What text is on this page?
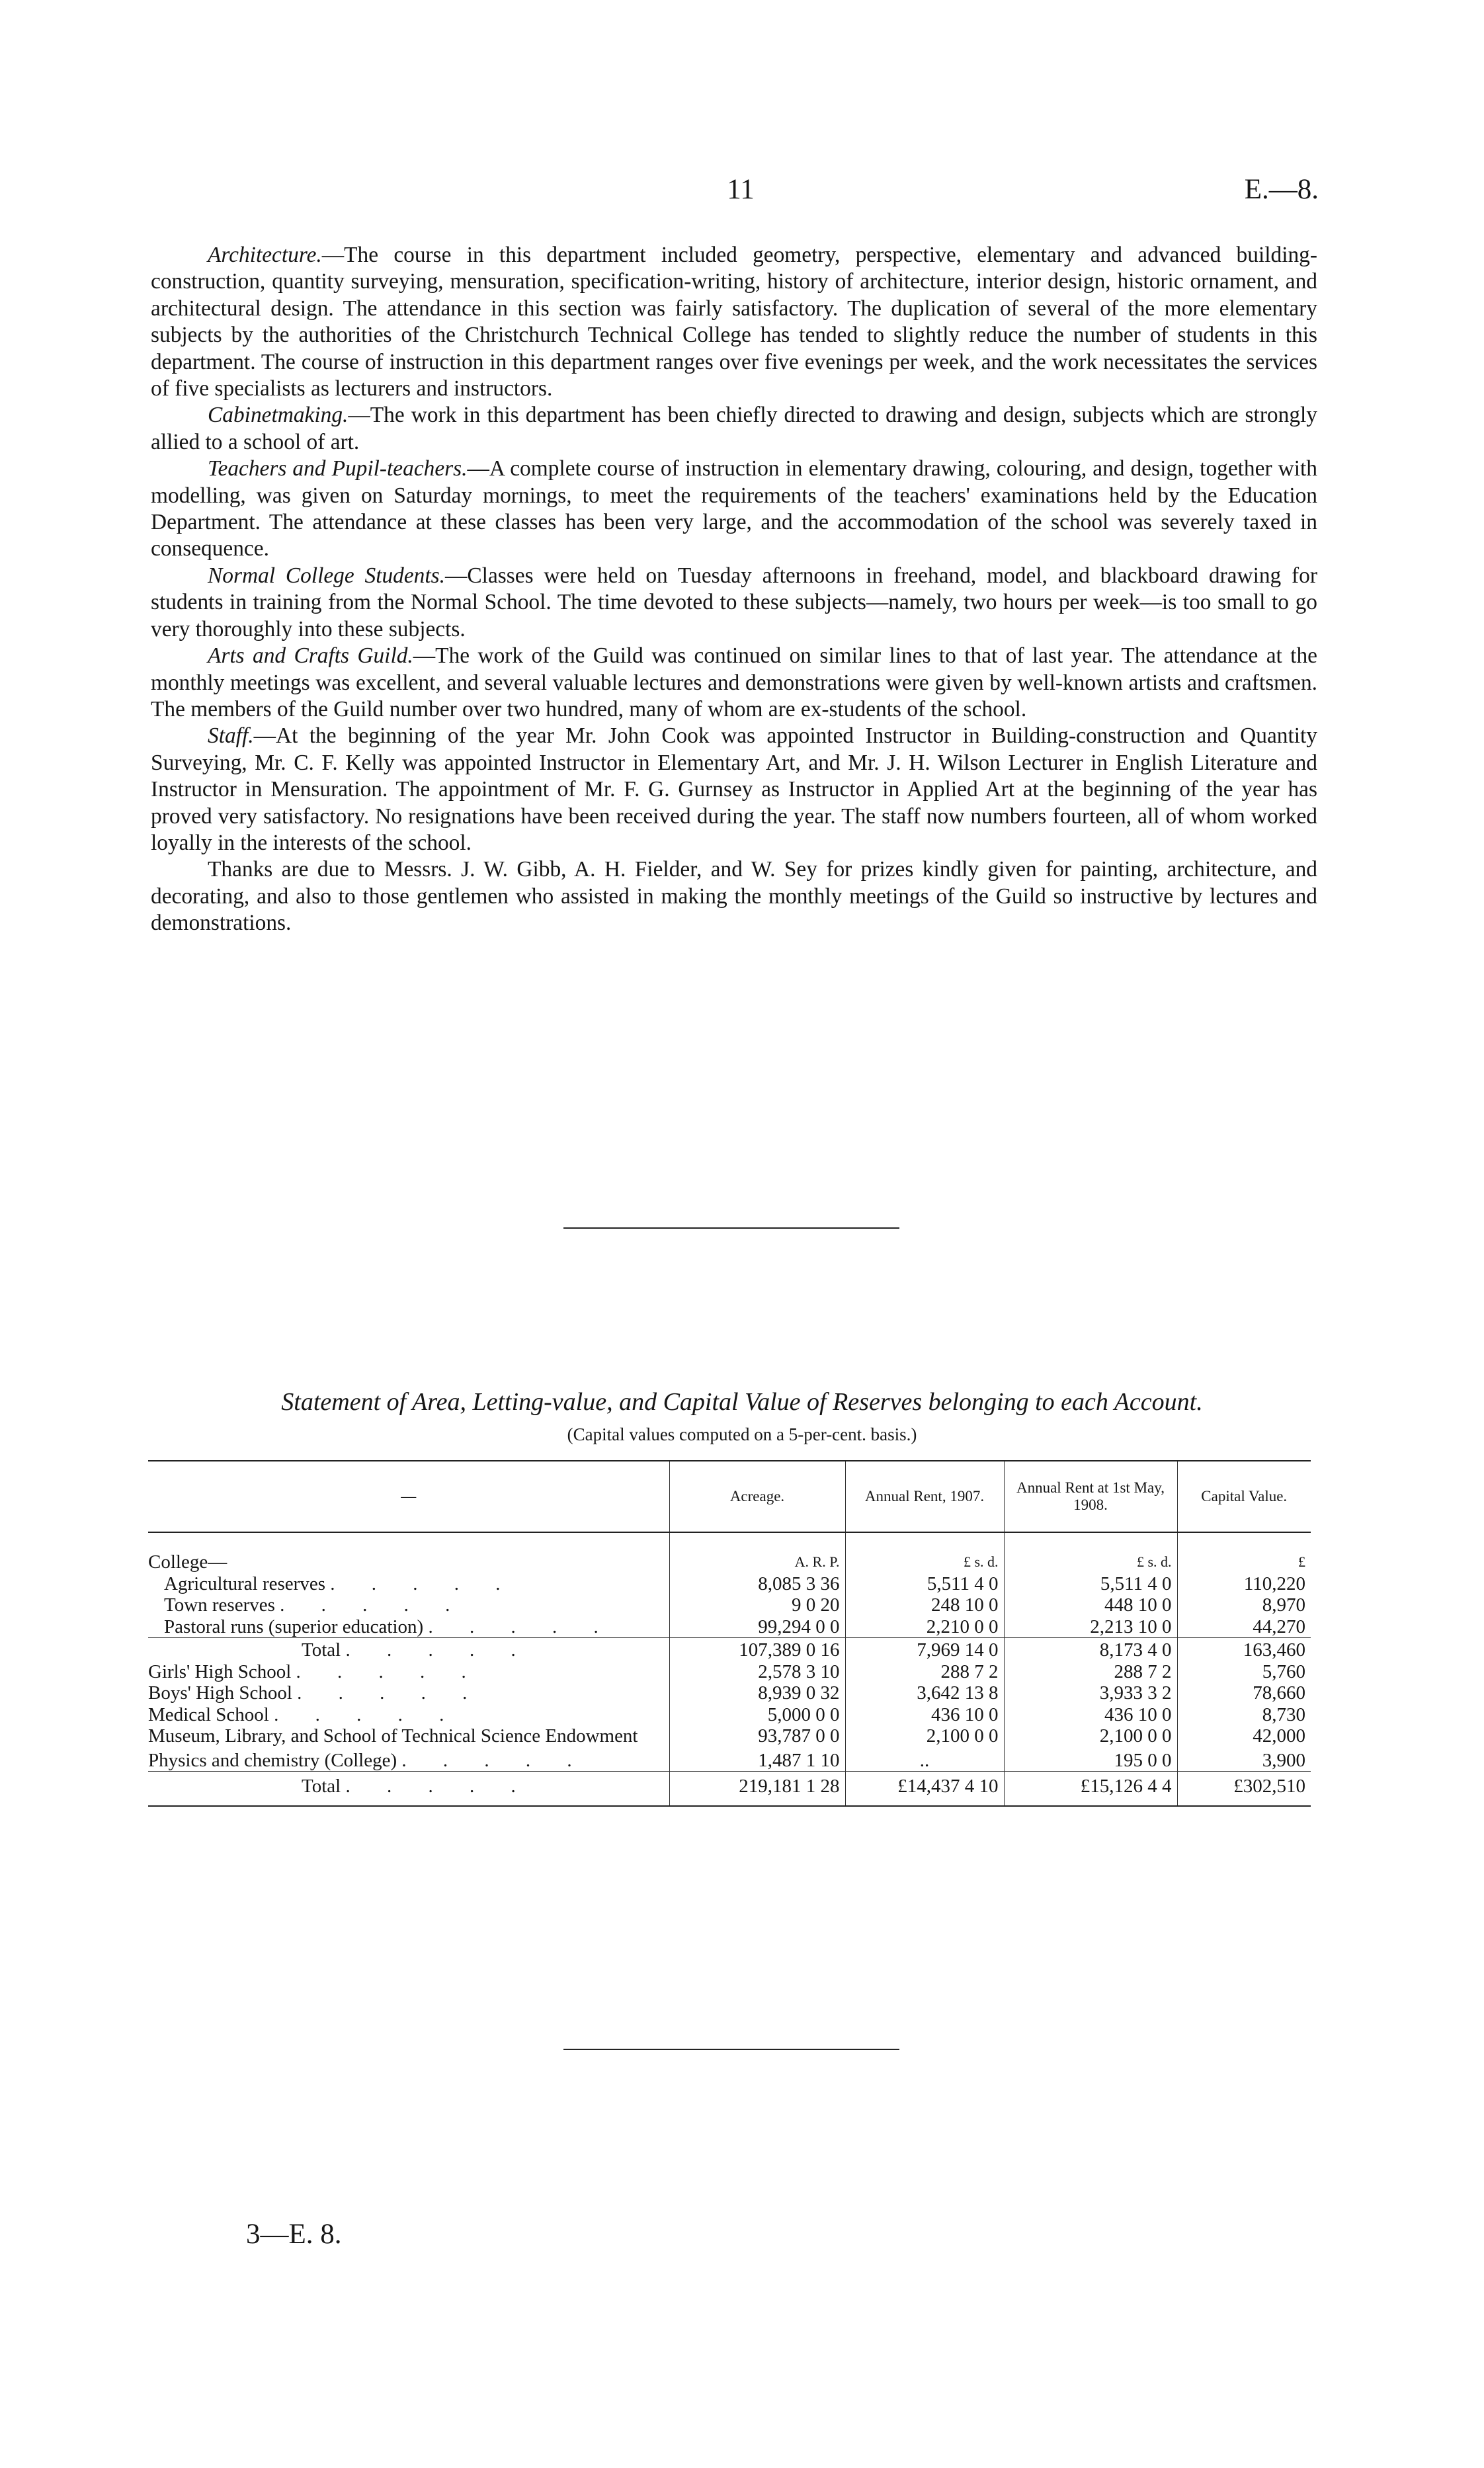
11	E.—8.

Architecture.—The course in this department included geometry, perspective, elementary and advanced building-construction, quantity surveying, mensuration, specification-writing, history of architecture, interior design, historic ornament, and architectural design. The attendance in this section was fairly satisfactory. The duplication of several of the more elementary subjects by the authorities of the Christchurch Technical College has tended to slightly reduce the number of students in this department. The course of instruction in this department ranges over five evenings per week, and the work necessitates the services of five specialists as lecturers and instructors.

Cabinetmaking.—The work in this department has been chiefly directed to drawing and design, subjects which are strongly allied to a school of art.

Teachers and Pupil-teachers.—A complete course of instruction in elementary drawing, colouring, and design, together with modelling, was given on Saturday mornings, to meet the requirements of the teachers' examinations held by the Education Department. The attendance at these classes has been very large, and the accommodation of the school was severely taxed in consequence.

Normal College Students.—Classes were held on Tuesday afternoons in freehand, model, and blackboard drawing for students in training from the Normal School. The time devoted to these subjects—namely, two hours per week—is too small to go very thoroughly into these subjects.

Arts and Crafts Guild.—The work of the Guild was continued on similar lines to that of last year. The attendance at the monthly meetings was excellent, and several valuable lectures and demonstrations were given by well-known artists and craftsmen. The members of the Guild number over two hundred, many of whom are ex-students of the school.

Staff.—At the beginning of the year Mr. John Cook was appointed Instructor in Building-construction and Quantity Surveying, Mr. C. F. Kelly was appointed Instructor in Elementary Art, and Mr. J. H. Wilson Lecturer in English Literature and Instructor in Mensuration. The appointment of Mr. F. G. Gurnsey as Instructor in Applied Art at the beginning of the year has proved very satisfactory. No resignations have been received during the year. The staff now numbers fourteen, all of whom worked loyally in the interests of the school.

Thanks are due to Messrs. J. W. Gibb, A. H. Fielder, and W. Sey for prizes kindly given for painting, architecture, and decorating, and also to those gentlemen who assisted in making the monthly meetings of the Guild so instructive by lectures and demonstrations.

Statement of Area, Letting-value, and Capital Value of Reserves belonging to each Account.
(Capital values computed on a 5-per-cent. basis.)
—	Acreage.	Annual Rent, 1907.	Annual Rent at 1st May, 1908.	Capital Value.

College—	A. R. P.	£ s. d.	£ s. d.	£
Agricultural reserves . . . . .	8,085 3 36	5,511 4 0	5,511 4 0	110,220
Town reserves . . . . .	9 0 20	248 10 0	448 10 0	8,970
Pastoral runs (superior education) . . . . .	99,294 0 0	2,210 0 0	2,213 10 0	44,270
Total . . . . .	107,389 0 16	7,969 14 0	8,173 4 0	163,460
Girls' High School . . . . .	2,578 3 10	288 7 2	288 7 2	5,760
Boys' High School . . . . .	8,939 0 32	3,642 13 8	3,933 3 2	78,660
Medical School . . . . .	5,000 0 0	436 10 0	436 10 0	8,730
Museum, Library, and School of Technical Science Endowment	93,787 0 0	2,100 0 0	2,100 0 0	42,000
Physics and chemistry (College) . . . . .	1,487 1 10	..	195 0 0	3,900
Total . . . . .	219,181 1 28	£14,437 4 10	£15,126 4 4	£302,510
3—E. 8.
